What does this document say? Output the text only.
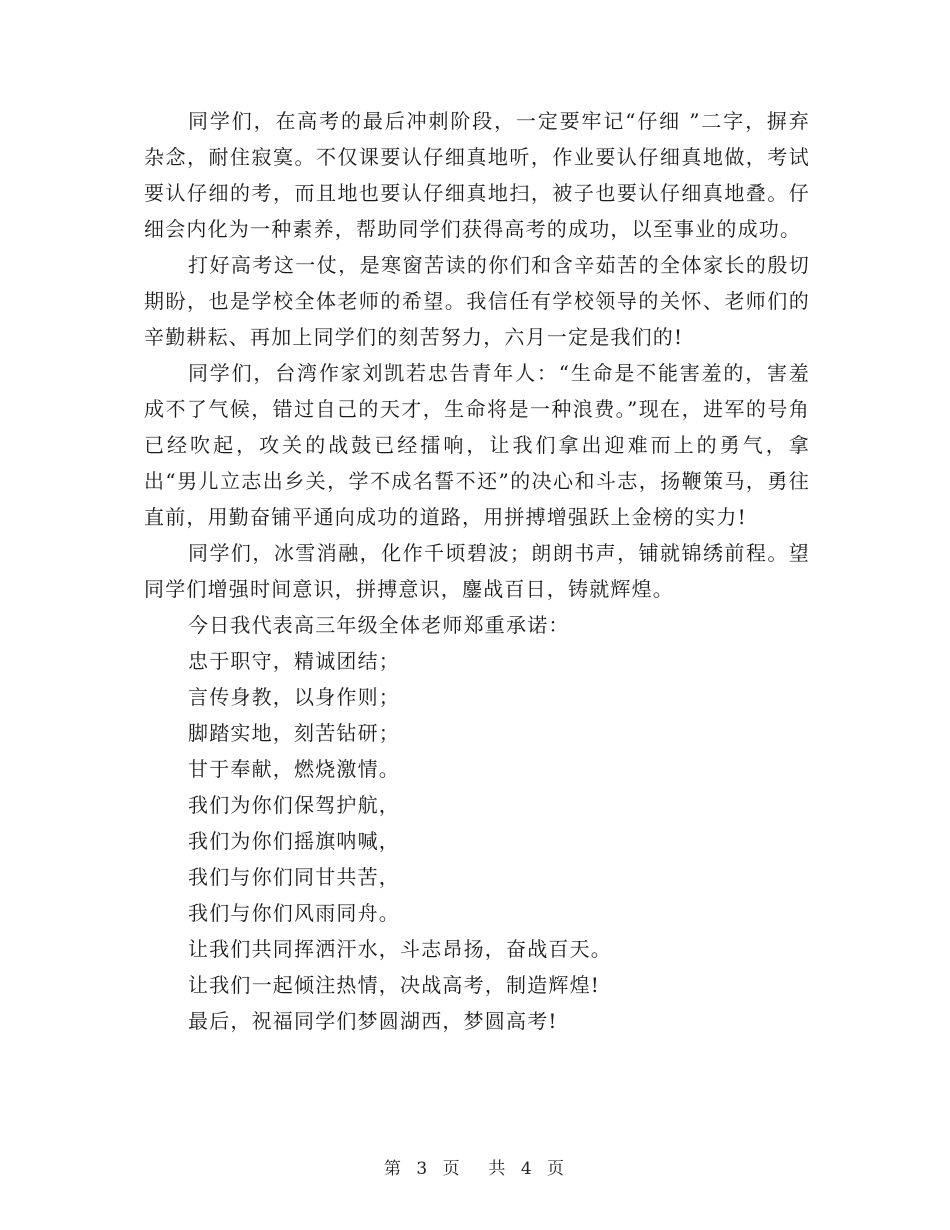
同学们，在高考的最后冲刺阶段，一定要牢记“仔细 ”二字，摒弃杂念，耐住寂寞。不仅课要认仔细真地听，作业要认仔细真地做，考试要认仔细的考，而且地也要认仔细真地扫，被子也要认仔细真地叠。仔细会内化为一种素养，帮助同学们获得高考的成功，以至事业的成功。

打好高考这一仗，是寒窗苦读的你们和含辛茹苦的全体家长的殷切期盼，也是学校全体老师的希望。我信任有学校领导的关怀、老师们的辛勤耕耘、再加上同学们的刻苦努力，六月一定是我们的!

同学们，台湾作家刘凯若忠告青年人：“生命是不能害羞的，害羞成不了气候，错过自己的天才，生命将是一种浪费。”现在，进军的号角已经吹起，攻关的战鼓已经擂响，让我们拿出迎难而上的勇气，拿出“男儿立志出乡关，学不成名誓不还”的决心和斗志，扬鞭策马，勇往直前，用勤奋铺平通向成功的道路，用拼搏增强跃上金榜的实力!

同学们，冰雪消融，化作千顷碧波；朗朗书声，铺就锦绣前程。望同学们增强时间意识，拼搏意识，鏖战百日，铸就辉煌。

今日我代表高三年级全体老师郑重承诺：

忠于职守，精诚团结；

言传身教，以身作则；

脚踏实地，刻苦钻研；

甘于奉献，燃烧激情。

我们为你们保驾护航，

我们为你们摇旗呐喊，

我们与你们同甘共苦，

我们与你们风雨同舟。

让我们共同挥洒汗水，斗志昂扬，奋战百天。

让我们一起倾注热情，决战高考，制造辉煌!

最后，祝福同学们梦圆湖西，梦圆高考!

第 3 页 共 4 页
